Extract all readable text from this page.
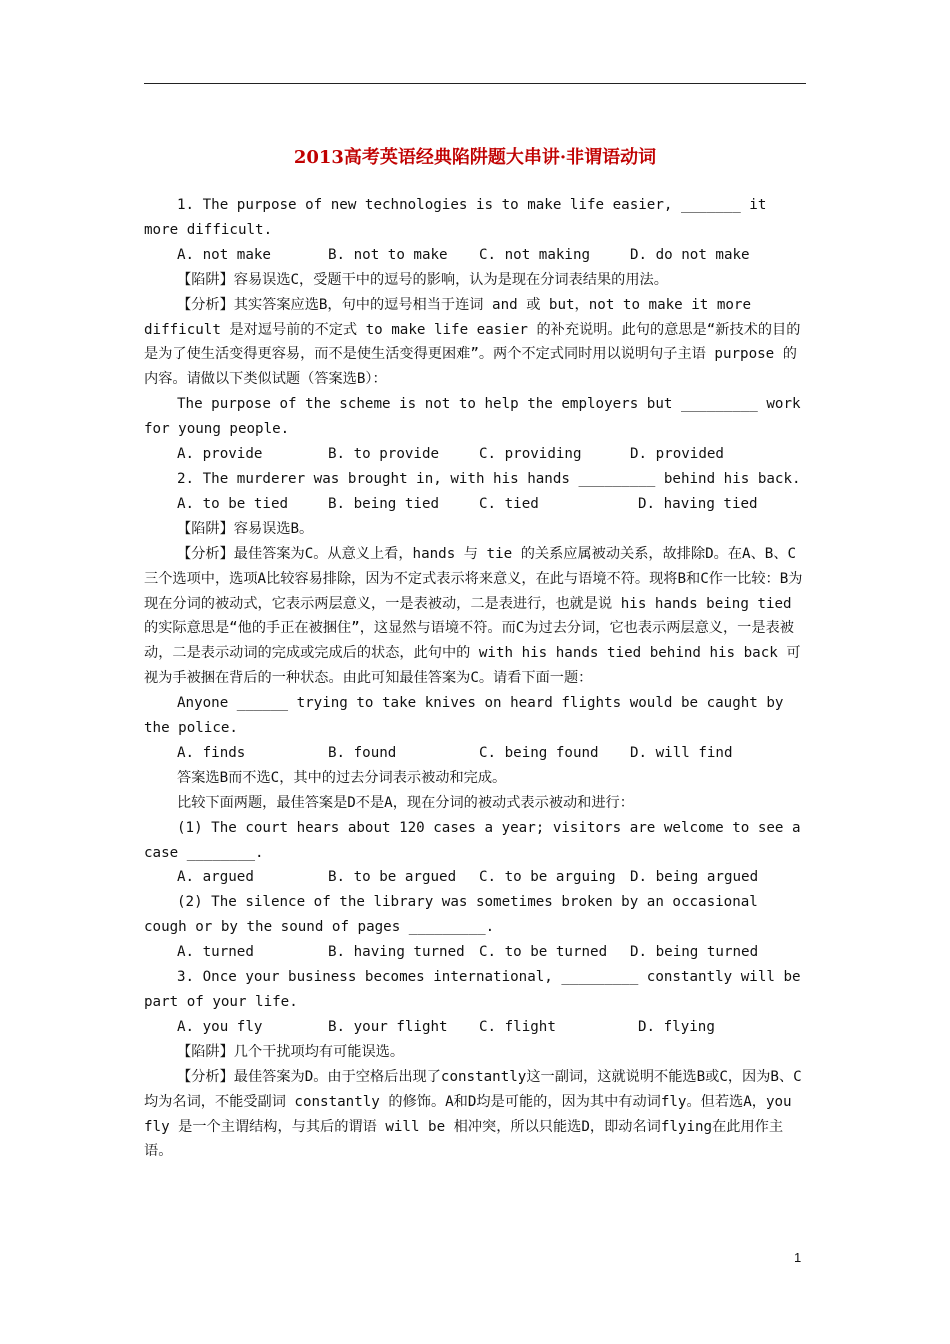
2013高考英语经典陷阱题大串讲·非谓语动词

1. The purpose of new technologies is to make life easier, _______ it more difficult.

A. not make	B. not to make	C. not making	D. do not make

【陷阱】容易误选C，受题干中的逗号的影响，认为是现在分词表结果的用法。

【分析】其实答案应选B，句中的逗号相当于连词 and 或 but，not to make it more difficult 是对逗号前的不定式 to make life easier 的补充说明。此句的意思是“新技术的目的是为了使生活变得更容易，而不是使生活变得更困难”。两个不定式同时用以说明句子主语 purpose 的内容。请做以下类似试题（答案选B）：

The purpose of the scheme is not to help the employers but _________ work for young people.

A. provide	B. to provide	C. providing	D. provided

2. The murderer was brought in, with his hands _________ behind his back.

A. to be tied	B. being tied	C. tied	D. having tied

【陷阱】容易误选B。

【分析】最佳答案为C。从意义上看，hands 与 tie 的关系应属被动关系，故排除D。在A、B、C三个选项中，选项A比较容易排除，因为不定式表示将来意义，在此与语境不符。现将B和C作一比较：B为现在分词的被动式，它表示两层意义，一是表被动，二是表进行，也就是说 his hands being tied 的实际意思是“他的手正在被捆住”，这显然与语境不符。而C为过去分词，它也表示两层意义，一是表被动，二是表示动词的完成或完成后的状态，此句中的 with his hands tied behind his back 可视为手被捆在背后的一种状态。由此可知最佳答案为C。请看下面一题：

Anyone ______ trying to take knives on heard flights would be caught by the police.

A. finds	B. found	C. being found	D. will find

答案选B而不选C，其中的过去分词表示被动和完成。

比较下面两题，最佳答案是D不是A，现在分词的被动式表示被动和进行：

(1) The court hears about 120 cases a year; visitors are welcome to see a case ________.

A. argued	B. to be argued	C. to be arguing	D. being argued

(2) The silence of the library was sometimes broken by an occasional cough or by the sound of pages _________.

A. turned	B. having turned	C. to be turned	D. being turned

3. Once your business becomes international, _________ constantly will be part of your life.

A. you fly	B. your flight	C. flight	D. flying

【陷阱】几个干扰项均有可能误选。

【分析】最佳答案为D。由于空格后出现了constantly这一副词，这就说明不能选B或C，因为B、C均为名词，不能受副词 constantly 的修饰。A和D均是可能的，因为其中有动词fly。但若选A，you fly 是一个主谓结构，与其后的谓语 will be 相冲突，所以只能选D，即动名词flying在此用作主语。

1
